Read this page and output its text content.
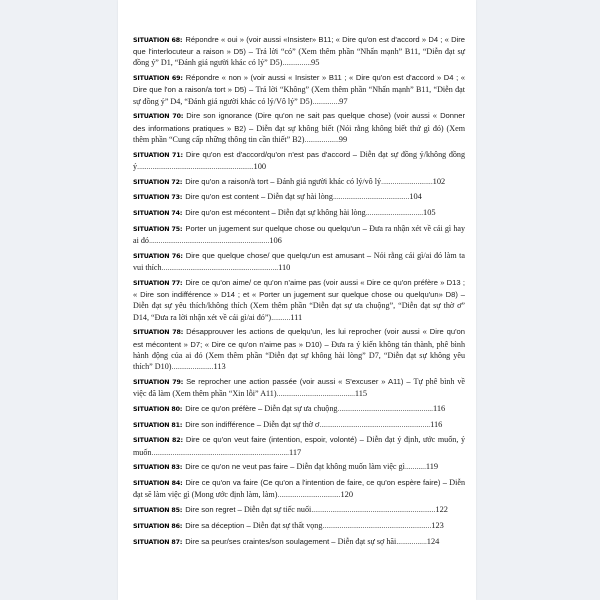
SITUATION 68: Répondre « oui » (voir aussi «Insister» B11; « Dire qu'on est d'accord » D4 ; « Dire que l'interlocuteur a raison » D5) – Trả lời “có” (Xem thêm phần “Nhấn mạnh” B11, “Diễn đạt sự đồng ý” D1, “Đánh giá người khác có lý” D5)...............95
SITUATION 69: Répondre « non » (voir aussi « Insister » B11 ; « Dire qu'on est d'accord » D4 ; « Dire que l'on a raison/a tort » D5) – Trả lời “Không” (Xem thêm phần “Nhấn mạnh” B11, “Diễn đạt sự đồng ý” D4, “Đánh giá người khác có lý/Vô lý” D5)..............97
SITUATION 70: Dire son ignorance (Dire qu'on ne sait pas quelque chose) (voir aussi « Donner des informations pratiques » B2) – Diễn đạt sự không biết (Nói rằng không biết thứ gì đó) (Xem thêm phần “Cung cấp những thông tin cần thiết” B2)..................99
SITUATION 71: Dire qu'on est d'accord/qu'on n'est pas d'accord – Diễn đạt sự đồng ý/không đồng ý.............................................................100
SITUATION 72: Dire qu'on a raison/à tort – Đánh giá người khác có lý/vô lý...........................102
SITUATION 73: Dire qu'on est content – Diễn đạt sự hài lòng........................................104
SITUATION 74: Dire qu'on est mécontent – Diễn đạt sự không hài lòng..............................105
SITUATION 75: Porter un jugement sur quelque chose ou quelqu'un – Đưa ra nhận xét về cái gì hay ai đó...............................................................106
SITUATION 76: Dire que quelque chose/ que quelqu'un est amusant – Nói rằng cái gì/ai đó làm ta vui thích.............................................................110
SITUATION 77: Dire ce qu'on aime/ ce qu'on n'aime pas (voir aussi « Dire ce qu'on préfère » D13 ; « Dire son indifférence » D14 ; et « Porter un jugement sur quelque chose ou quelqu'un» D8) – Diễn đạt sự yêu thích/không thích (Xem thêm phần “Diễn đạt sự ưa chuộng”, “Diễn đạt sự thờ ơ” D14, “Đưa ra lời nhận xét về cái gì/ai đó”)..........111
SITUATION 78: Désapprouver les actions de quelqu'un, les lui reprocher (voir aussi « Dire qu'on est mécontent » D7; « Dire ce qu'on n'aime pas » D10) – Đưa ra ý kiến không tán thành, phê bình hành động của ai đó (Xem thêm phần “Diễn đạt sự không hài lòng” D7, “Diễn đạt sự không yêu thích” D10)......................113
SITUATION 79: Se reprocher une action passée (voir aussi « S'excuser » A11) – Tự phê bình về việc đã làm (Xem thêm phần “Xin lỗi” A11).........................................115
SITUATION 80: Dire ce qu'on préfère – Diễn đạt sự ưa chuộng..................................................116
SITUATION 81: Dire son indifférence – Diễn đạt sự thờ ơ..........................................................116
SITUATION 82: Dire ce qu'on veut faire (intention, espoir, volonté) – Diễn đạt ý định, ước muốn, ý muốn........................................................................117
SITUATION 83: Dire ce qu'on ne veut pas faire – Diễn đạt không muốn làm việc gì...........119
SITUATION 84: Dire ce qu'on va faire (Ce qu'on a l'intention de faire, ce qu'on espère faire) – Diễn đạt sẽ làm việc gì (Mong ước định làm, làm).................................120
SITUATION 85: Dire son regret – Diễn đạt sự tiếc nuối.................................................................122
SITUATION 86: Dire sa déception – Diễn đạt sự thất vọng.........................................................123
SITUATION 87: Dire sa peur/ses craintes/son soulagement – Diễn đạt sự sợ hãi................124
